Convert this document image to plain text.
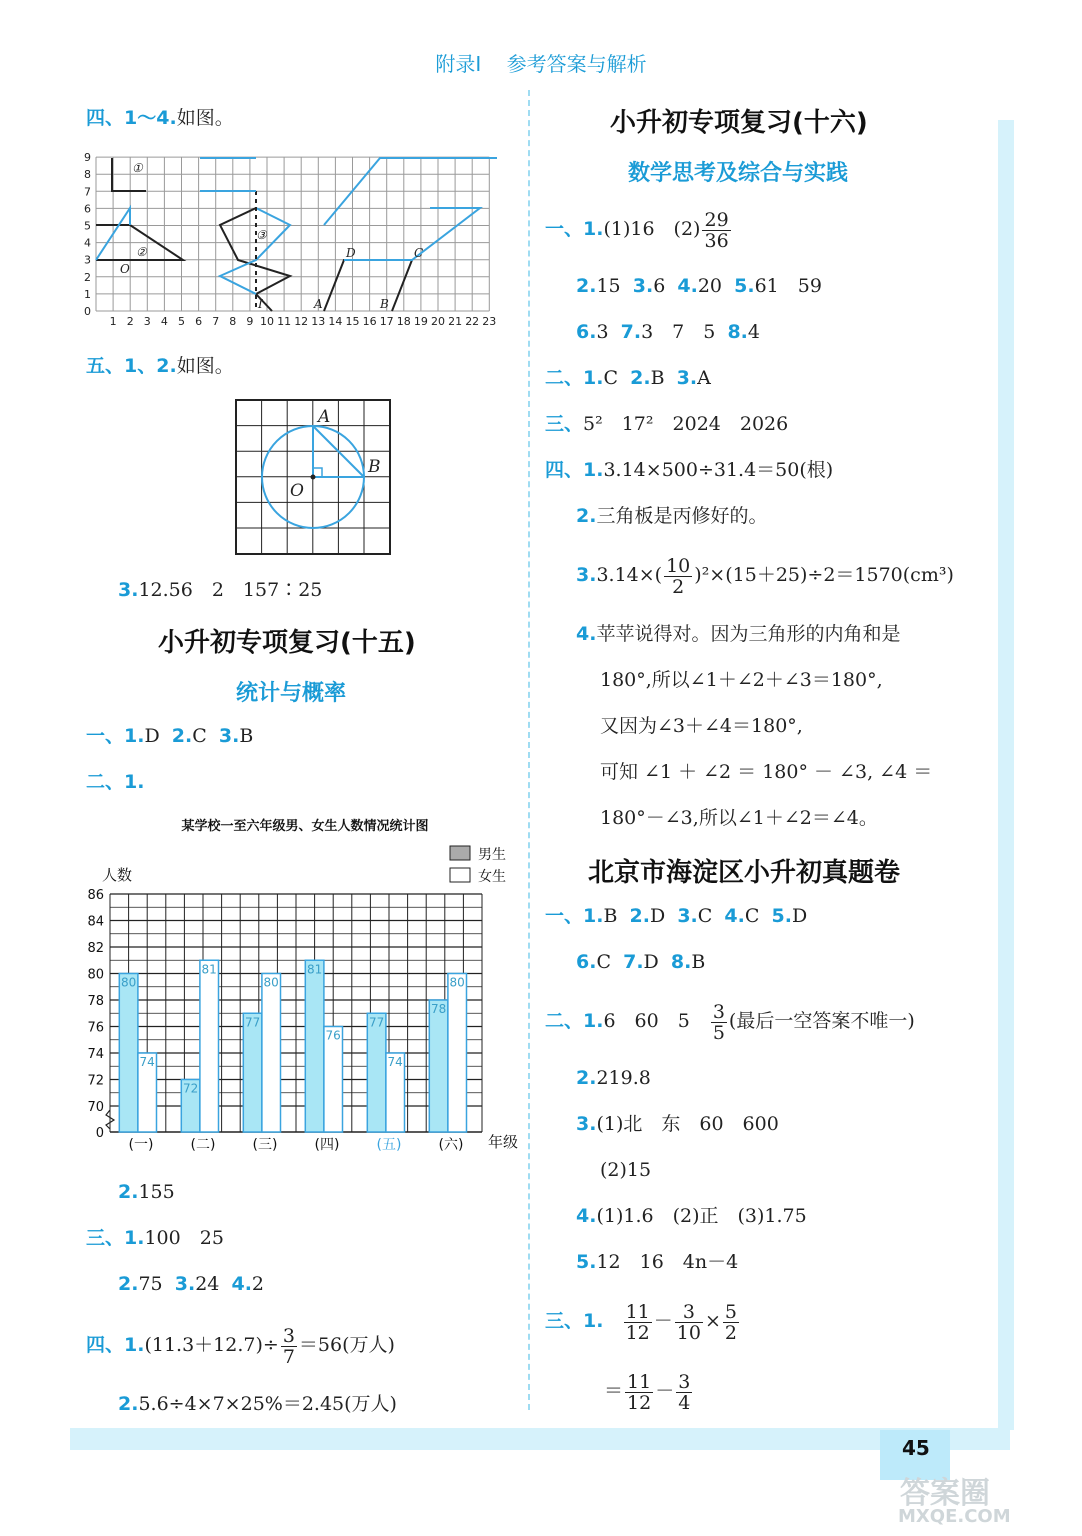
附录Ⅰ 参考答案与解析
四、1～4.如图。
0
1
2
3
4
5
6
7
8
9
1 2 3 4 5 6 7 8 9 10 11 12 13 14 15 16 17 18 19 20 21 22 23
①
②
③
O
I	A
D	C
B
五、1、2.如图。
A
B
O
3.12.56　2　157∶25
小升初专项复习(十五)
统计与概率
一、1.D 2.C 3.B
二、1.
某学校一至六年级男、女生人数情况统计图
人数
年级
男生
女生
80
74
72
81
77
80
81
76
77
74
78
80
0
70
72
74
76
78
80
82
84
86
(一)	(二)	(三)	(四)	(五)	(六)
2.155
三、1.100　25
2.75 3.24 4.2
四、$1.(11.3+12.7)\div \frac{3}{7} =56$(万人)
2.5.6÷4×7×25%＝2.45(万人)
小升初专项复习(十六)
数学思考及综合与实践
一、1.(1)16　$(2) \frac{29}{36}$
2.15 3.6 4.20 5.61　59
6.3 7.3　7　5 8.4
二、1.C 2.B 3.A
三、5²　17²　2024　2026
四、1.3.14×500÷31.4＝50(根)
2.三角板是丙修好的。
$3.3.14\times( \frac{10}{2} )^2\times(15+25)\div 2=1570(cm^3)$
4.苹苹说得对。因为三角形的内角和是
180°,所以∠1＋∠2＋∠3＝180°,
又因为∠3＋∠4＝180°,
可知 ∠1 ＋ ∠2 ＝ 180° － ∠3, ∠4 ＝
180°－∠3,所以∠1＋∠2＝∠4。
北京市海淀区小升初真题卷
一、1.B 2.D 3.C 4.C 5.D
6.C 7.D 8.B
二、1.6　60　5　 $\frac{3}{5}$ (最后一空答案不唯一)
2.219.8
3.(1)北　东　60　600
(2)15
4.(1)1.6　(2)正　(3)1.75
5.12　16　4n－4
三、1. $\frac{11}{12} - \frac{3}{10} \times \frac{5}{2}$
＝ $\frac{11}{12} - \frac{3}{4}$
45
答案圈
MXQE.COM
